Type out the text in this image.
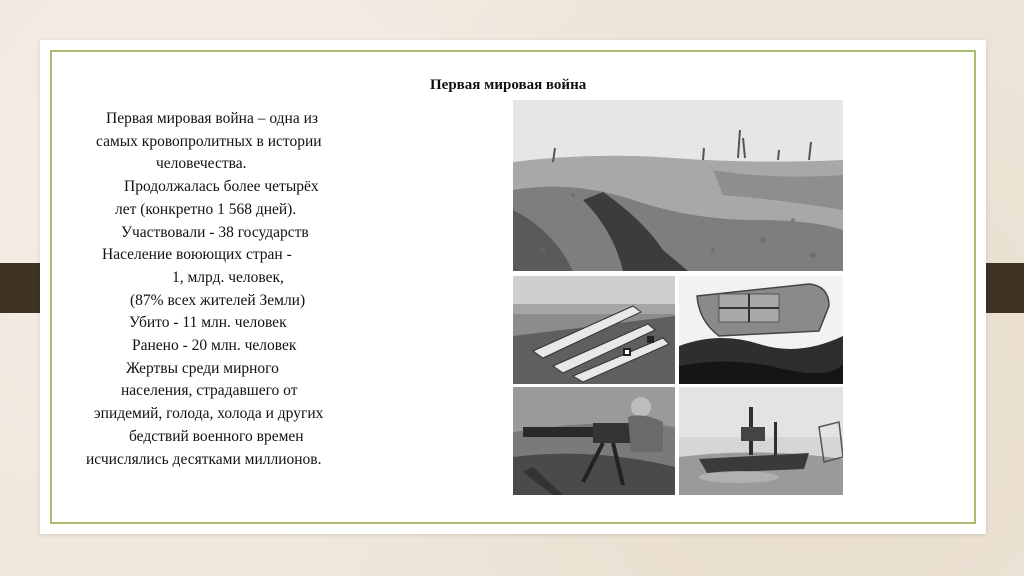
Первая мировая война
Первая мировая война – одна из
самых кровопролитных в истории
человечества.
Продолжалась более четырёх
лет (конкретно 1 568 дней).
Участвовали - 38 государств
Население воюющих стран -
1, млрд. человек,
(87% всех жителей Земли)
Убито - 11 млн. человек
Ранено - 20 млн. человек
Жертвы среди мирного
населения, страдавшего от
эпидемий, голода, холода и других
бедствий военного времен
исчислялись десятками миллионов.
